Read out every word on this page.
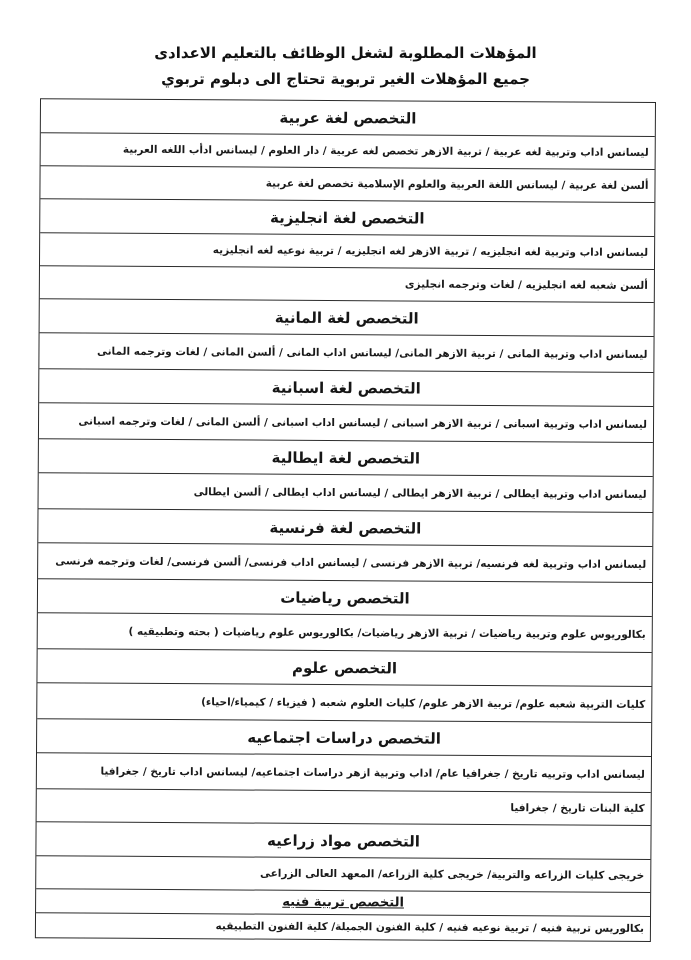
المؤهلات المطلوبة لشغل الوظائف بالتعليم الاعدادى
جميع المؤهلات الغير تربوية تحتاج الى دبلوم تربوي
التخصص لغة عربية
ليسانس اداب وتربية لغه عربية / تربية الازهر تخصص لغه عربية / دار العلوم / ليسانس ادأب اللغه العربية
ألسن لغة عربية / ليسانس اللغة العربية والعلوم الإسلامية تخصص لغة عربية
التخصص لغة انجليزية
ليسانس اداب وتربية لغه انجليزيه / تربية الازهر لغه انجليزيه / تربية نوعيه لغه انجليزيه
ألسن شعبه لغه انجليزيه / لغات وترجمه انجليزى
التخصص لغة المانية
ليسانس اداب وتربية المانى / تربية الازهر المانى/ ليسانس اداب المانى / ألسن المانى / لغات وترجمه المانى
التخصص لغة اسبانية
ليسانس اداب وتربية اسبانى / تربية الازهر اسبانى / ليسانس اداب اسبانى / ألسن المانى / لغات وترجمه اسبانى
التخصص لغة ايطالية
ليسانس اداب وتربية ايطالى / تربية الازهر ايطالى / ليسانس اداب ايطالى / ألسن ايطالى
التخصص لغة فرنسية
ليسانس اداب وتربية لغه فرنسيه/ تربية الازهر فرنسى / ليسانس اداب فرنسى/ ألسن فرنسى/ لغات وترجمه فرنسى
التخصص رياضيات
بكالوريوس علوم وتربية رياضيات / تربية الازهر رياضيات/ بكالوريوس علوم رياضيات ( بحته وتطبيقيه )
التخصص علوم
كليات التربية شعبه علوم/ تربية الازهر علوم/ كليات العلوم شعبه ( فيزياء / كيمياء/احياء)
التخصص دراسات اجتماعيه
ليسانس اداب وتربيه تاريخ / جغرافيا عام/ اداب وتربية ازهر دراسات اجتماعيه/ ليسانس اداب تاريخ / جغرافيا
كلية البنات تاريخ / جغرافيا
التخصص مواد زراعيه
خريجى كليات الزراعه والتربية/ خريجى كلية الزراعه/ المعهد العالى الزراعى
التخصص تربية فنيه
بكالوريس تربية فنيه / تربية نوعيه فنيه / كلية الفنون الجميلة/ كلية الفنون التطبيقيه
